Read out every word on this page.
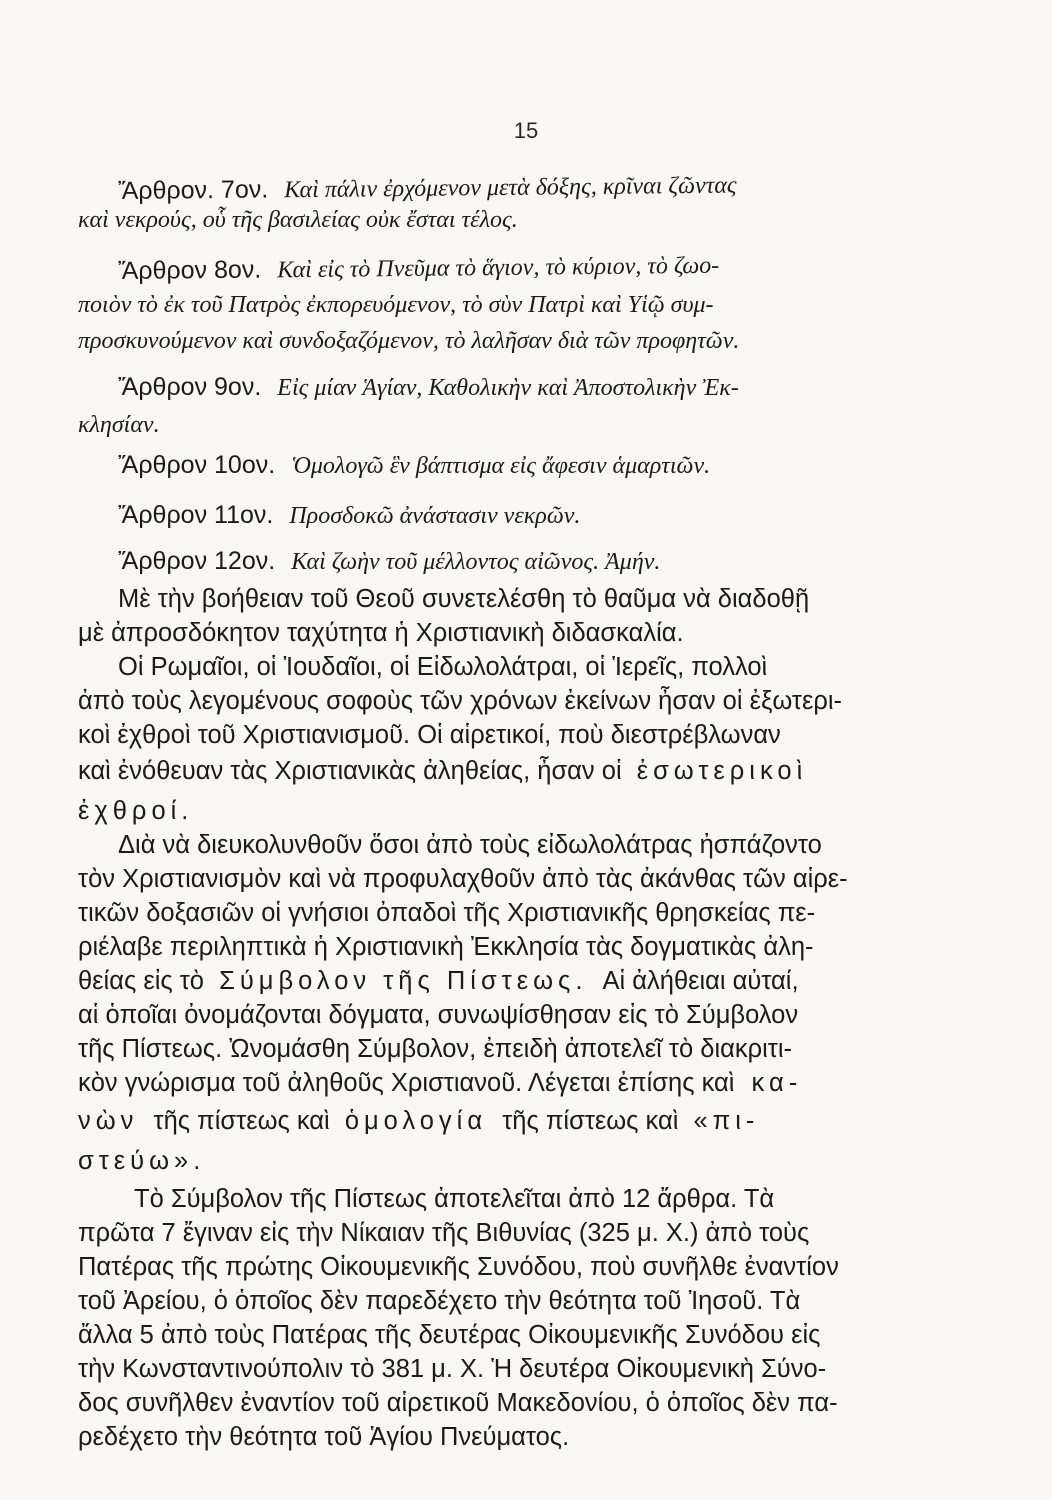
15
Ἄρθρον. 7ον. Καὶ πάλιν ἐρχόμενον μετὰ δόξης, κρῖναι ζῶντας
καὶ νεκρούς, οὗ τῆς βασιλείας οὐκ ἔσται τέλος.
Ἄρθρον 8ον. Καὶ εἰς τὸ Πνεῦμα τὸ ἅγιον, τὸ κύριον, τὸ ζωο-
ποιὸν τὸ ἐκ τοῦ Πατρὸς ἐκπορευόμενον, τὸ σὺν Πατρὶ καὶ Υἱῷ συμ-
προσκυνούμενον καὶ συνδοξαζόμενον, τὸ λαλῆσαν διὰ τῶν προφητῶν.
Ἄρθρον 9ον. Εἰς μίαν Ἁγίαν, Καθολικὴν καὶ Ἀποστολικὴν Ἐκ-
κλησίαν.
Ἄρθρον 10ον. Ὁμολογῶ ἓν βάπτισμα εἰς ἄφεσιν ἁμαρτιῶν.
Ἄρθρον 11ον. Προσδοκῶ ἀνάστασιν νεκρῶν.
Ἄρθρον 12ον. Καὶ ζωὴν τοῦ μέλλοντος αἰῶνος. Ἀμήν.
Μὲ τὴν βοήθειαν τοῦ Θεοῦ συνετελέσθη τὸ θαῦμα νὰ διαδοθῇ
μὲ ἀπροσδόκητον ταχύτητα ἡ Χριστιανικὴ διδασκαλία.
Οἱ Ρωμαῖοι, οἱ Ἰουδαῖοι, οἱ Εἰδωλολάτραι, οἱ Ἱερεῖς, πολλοὶ
ἀπὸ τοὺς λεγομένους σοφοὺς τῶν χρόνων ἐκείνων ἦσαν οἱ ἐξωτερι-
κοὶ ἐχθροὶ τοῦ Χριστιανισμοῦ. Οἱ αἱρετικοί, ποὺ διεστρέβλωναν
καὶ ἐνόθευαν τὰς Χριστιανικὰς ἀληθείας, ἦσαν οἱ ἐσωτερικοὶ
ἐχθροί.
Διὰ νὰ διευκολυνθοῦν ὅσοι ἀπὸ τοὺς εἰδωλολάτρας ἠσπάζοντο
τὸν Χριστιανισμὸν καὶ νὰ προφυλαχθοῦν ἀπὸ τὰς ἀκάνθας τῶν αἱρε-
τικῶν δοξασιῶν οἱ γνήσιοι ὀπαδοὶ τῆς Χριστιανικῆς θρησκείας πε-
ριέλαβε περιληπτικὰ ἡ Χριστιανικὴ Ἐκκλησία τὰς δογματικὰς ἀλη-
θείας εἰς τὸ Σύμβολον τῆς Πίστεως. Αἱ ἀλήθειαι αὐταί,
αἱ ὁποῖαι ὀνομάζονται δόγματα, συνωψίσθησαν εἰς τὸ Σύμβολον
τῆς Πίστεως. Ὠνομάσθη Σύμβολον, ἐπειδὴ ἀποτελεῖ τὸ διακριτι-
κὸν γνώρισμα τοῦ ἀληθοῦς Χριστιανοῦ. Λέγεται ἐπίσης καὶ κα-
νὼν τῆς πίστεως καὶ ὁμολογία τῆς πίστεως καὶ «πι-
στεύω».
Τὸ Σύμβολον τῆς Πίστεως ἀποτελεῖται ἀπὸ 12 ἄρθρα. Τὰ
πρῶτα 7 ἔγιναν εἰς τὴν Νίκαιαν τῆς Βιθυνίας (325 μ. Χ.) ἀπὸ τοὺς
Πατέρας τῆς πρώτης Οἰκουμενικῆς Συνόδου, ποὺ συνῆλθε ἐναντίον
τοῦ Ἀρείου, ὁ ὁποῖος δὲν παρεδέχετο τὴν θεότητα τοῦ Ἰησοῦ. Τὰ
ἄλλα 5 ἀπὸ τοὺς Πατέρας τῆς δευτέρας Οἰκουμενικῆς Συνόδου εἰς
τὴν Κωνσταντινούπολιν τὸ 381 μ. Χ. Ἡ δευτέρα Οἰκουμενικὴ Σύνο-
δος συνῆλθεν ἐναντίον τοῦ αἱρετικοῦ Μακεδονίου, ὁ ὁποῖος δὲν πα-
ρεδέχετο τὴν θεότητα τοῦ Ἁγίου Πνεύματος.
